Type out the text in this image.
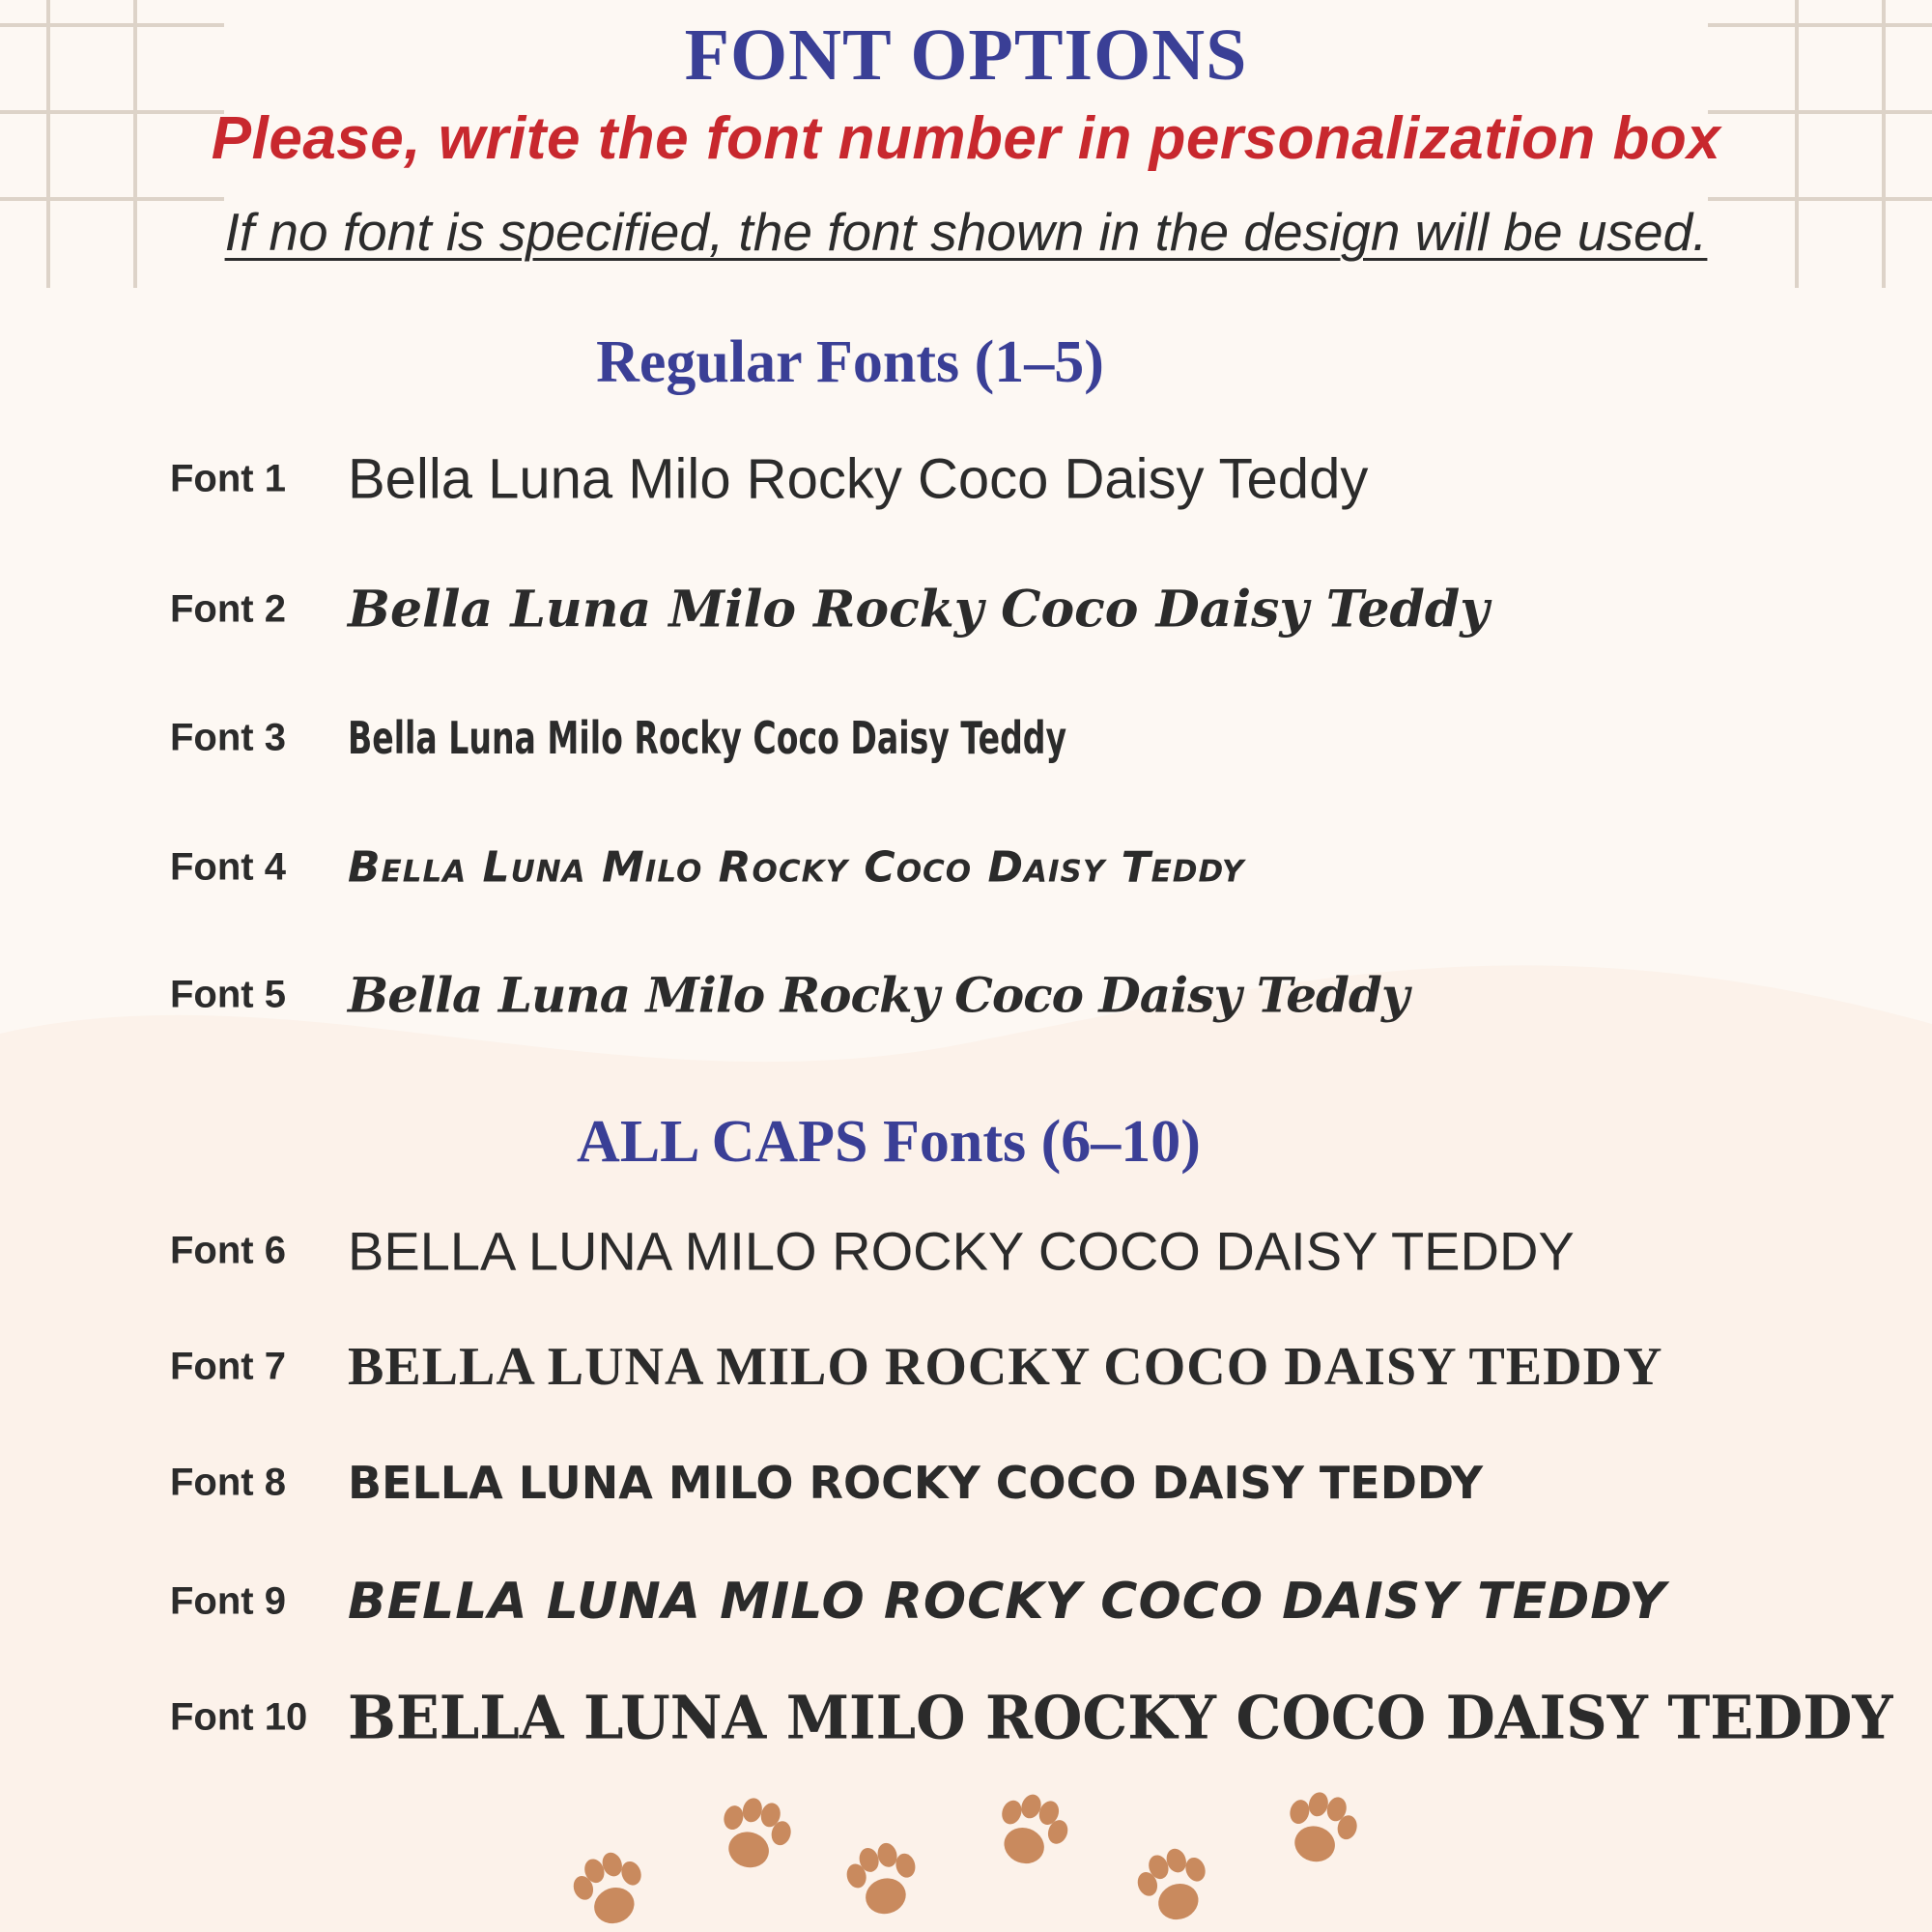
FONT OPTIONS
Please, write the font number in personalization box
If no font is specified, the font shown in the design will be used.
Regular Fonts (1–5)
Font 1 Bella Luna Milo Rocky Coco Daisy Teddy
Font 2 Bella Luna Milo Rocky Coco Daisy Teddy
Font 3 Bella Luna Milo Rocky Coco Daisy Teddy
Font 4 Bella Luna Milo Rocky Coco Daisy Teddy
Font 5 Bella Luna Milo Rocky Coco Daisy Teddy
ALL CAPS Fonts (6–10)
Font 6 BELLA LUNA MILO ROCKY COCO DAISY TEDDY
Font 7 BELLA LUNA MILO ROCKY COCO DAISY TEDDY
Font 8 BELLA LUNA MILO ROCKY COCO DAISY TEDDY
Font 9 BELLA LUNA MILO ROCKY COCO DAISY TEDDY
Font 10 BELLA LUNA MILO ROCKY COCO DAISY TEDDY
